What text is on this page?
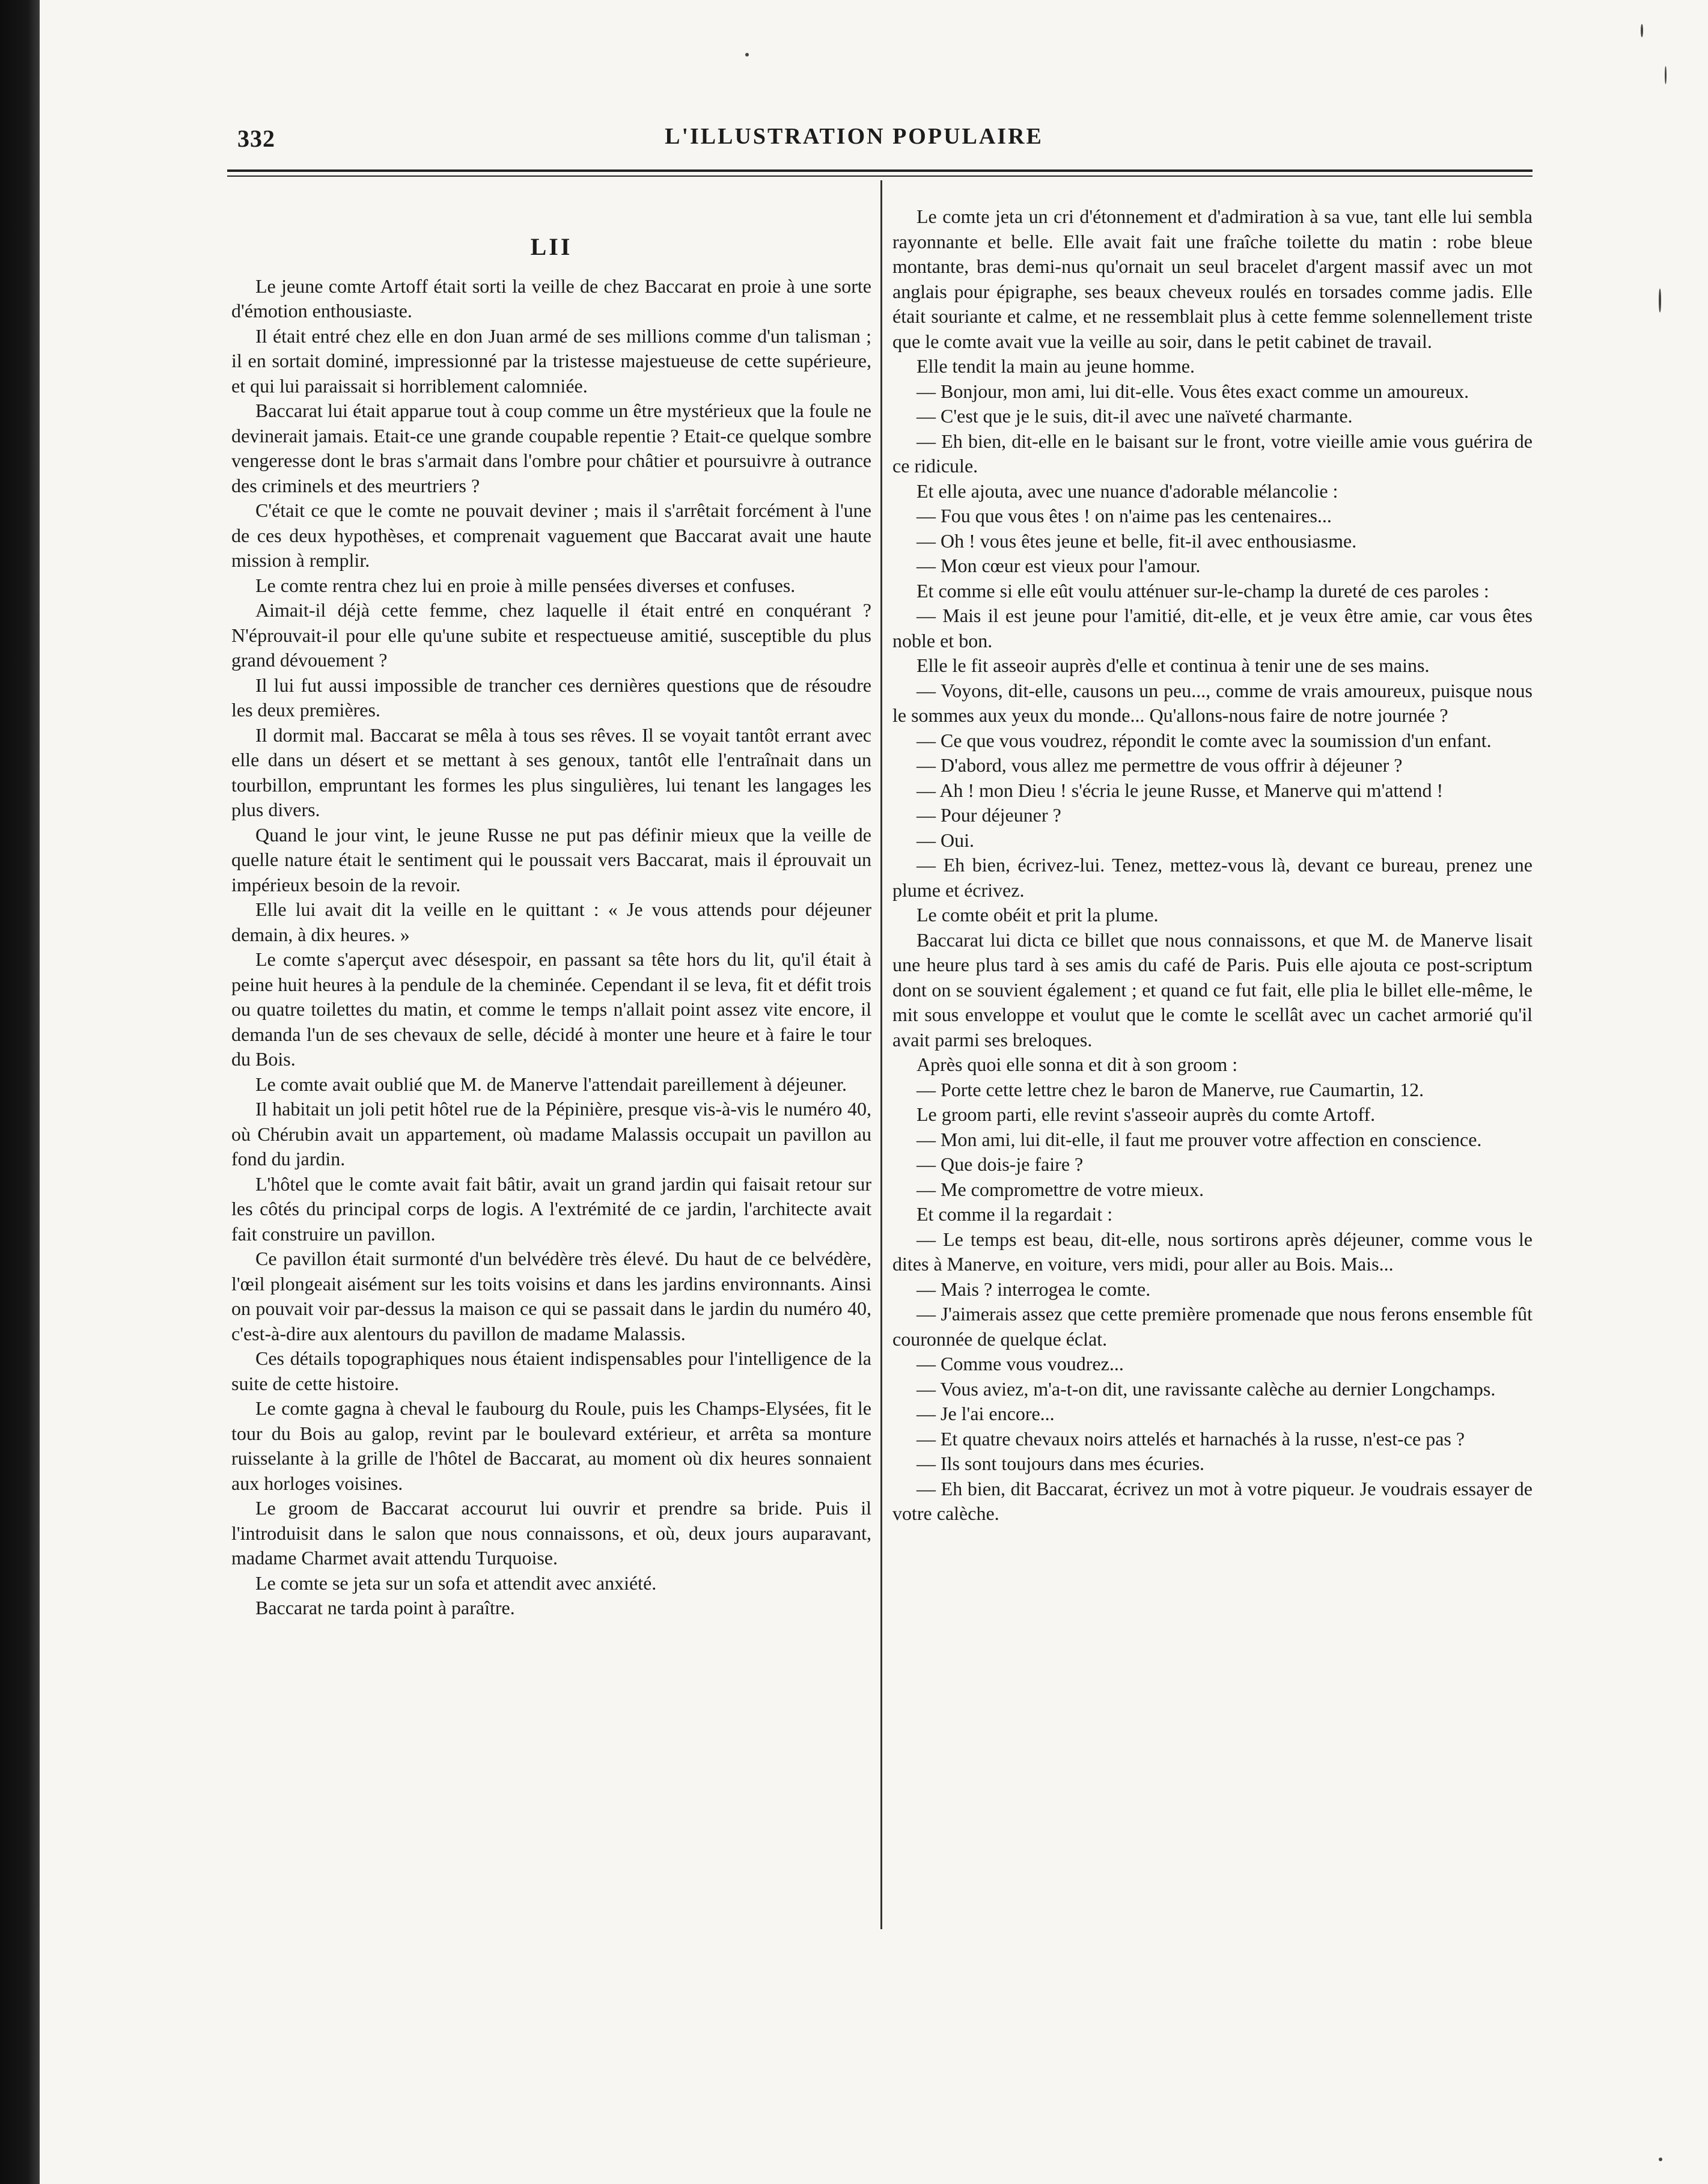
332	L'ILLUSTRATION POPULAIRE
LII

Le jeune comte Artoff était sorti la veille de chez Baccarat en proie à une sorte d'émotion enthousiaste.

Il était entré chez elle en don Juan armé de ses millions comme d'un talisman ; il en sortait dominé, impressionné par la tristesse majestueuse de cette supérieure, et qui lui paraissait si horriblement calomniée.

Baccarat lui était apparue tout à coup comme un être mystérieux que la foule ne devinerait jamais. Etait-ce une grande coupable repentie ? Etait-ce quelque sombre vengeresse dont le bras s'armait dans l'ombre pour châtier et poursuivre à outrance des criminels et des meurtriers ?

C'était ce que le comte ne pouvait deviner ; mais il s'arrêtait forcément à l'une de ces deux hypothèses, et comprenait vaguement que Baccarat avait une haute mission à remplir.

Le comte rentra chez lui en proie à mille pensées diverses et confuses.

Aimait-il déjà cette femme, chez laquelle il était entré en conquérant ? N'éprouvait-il pour elle qu'une subite et respectueuse amitié, susceptible du plus grand dévouement ?

Il lui fut aussi impossible de trancher ces dernières questions que de résoudre les deux premières.

Il dormit mal. Baccarat se mêla à tous ses rêves. Il se voyait tantôt errant avec elle dans un désert et se mettant à ses genoux, tantôt elle l'entraînait dans un tourbillon, empruntant les formes les plus singulières, lui tenant les langages les plus divers.

Quand le jour vint, le jeune Russe ne put pas définir mieux que la veille de quelle nature était le sentiment qui le poussait vers Baccarat, mais il éprouvait un impérieux besoin de la revoir.

Elle lui avait dit la veille en le quittant : « Je vous attends pour déjeuner demain, à dix heures. »

Le comte s'aperçut avec désespoir, en passant sa tête hors du lit, qu'il était à peine huit heures à la pendule de la cheminée. Cependant il se leva, fit et défit trois ou quatre toilettes du matin, et comme le temps n'allait point assez vite encore, il demanda l'un de ses chevaux de selle, décidé à monter une heure et à faire le tour du Bois.

Le comte avait oublié que M. de Manerve l'attendait pareillement à déjeuner.

Il habitait un joli petit hôtel rue de la Pépinière, presque vis-à-vis le numéro 40, où Chérubin avait un appartement, où madame Malassis occupait un pavillon au fond du jardin.

L'hôtel que le comte avait fait bâtir, avait un grand jardin qui faisait retour sur les côtés du principal corps de logis. A l'extrémité de ce jardin, l'architecte avait fait construire un pavillon.

Ce pavillon était surmonté d'un belvédère très élevé. Du haut de ce belvédère, l'œil plongeait aisément sur les toits voisins et dans les jardins environnants. Ainsi on pouvait voir par-dessus la maison ce qui se passait dans le jardin du numéro 40, c'est-à-dire aux alentours du pavillon de madame Malassis.

Ces détails topographiques nous étaient indispensables pour l'intelligence de la suite de cette histoire.

Le comte gagna à cheval le faubourg du Roule, puis les Champs-Elysées, fit le tour du Bois au galop, revint par le boulevard extérieur, et arrêta sa monture ruisselante à la grille de l'hôtel de Baccarat, au moment où dix heures sonnaient aux horloges voisines.

Le groom de Baccarat accourut lui ouvrir et prendre sa bride. Puis il l'introduisit dans le salon que nous connaissons, et où, deux jours auparavant, madame Charmet avait attendu Turquoise.

Le comte se jeta sur un sofa et attendit avec anxiété.

Baccarat ne tarda point à paraître.

Le comte jeta un cri d'étonnement et d'admiration à sa vue, tant elle lui sembla rayonnante et belle. Elle avait fait une fraîche toilette du matin : robe bleue montante, bras demi-nus qu'ornait un seul bracelet d'argent massif avec un mot anglais pour épigraphe, ses beaux cheveux roulés en torsades comme jadis. Elle était souriante et calme, et ne ressemblait plus à cette femme solennellement triste que le comte avait vue la veille au soir, dans le petit cabinet de travail.

Elle tendit la main au jeune homme.

— Bonjour, mon ami, lui dit-elle. Vous êtes exact comme un amoureux.

— C'est que je le suis, dit-il avec une naïveté charmante.

— Eh bien, dit-elle en le baisant sur le front, votre vieille amie vous guérira de ce ridicule.

Et elle ajouta, avec une nuance d'adorable mélancolie :

— Fou que vous êtes ! on n'aime pas les centenaires...

— Oh ! vous êtes jeune et belle, fit-il avec enthousiasme.

— Mon cœur est vieux pour l'amour.

Et comme si elle eût voulu atténuer sur-le-champ la dureté de ces paroles :

— Mais il est jeune pour l'amitié, dit-elle, et je veux être amie, car vous êtes noble et bon.

Elle le fit asseoir auprès d'elle et continua à tenir une de ses mains.

— Voyons, dit-elle, causons un peu..., comme de vrais amoureux, puisque nous le sommes aux yeux du monde... Qu'allons-nous faire de notre journée ?

— Ce que vous voudrez, répondit le comte avec la soumission d'un enfant.

— D'abord, vous allez me permettre de vous offrir à déjeuner ?

— Ah ! mon Dieu ! s'écria le jeune Russe, et Manerve qui m'attend !

— Pour déjeuner ?

— Oui.

— Eh bien, écrivez-lui. Tenez, mettez-vous là, devant ce bureau, prenez une plume et écrivez.

Le comte obéit et prit la plume.

Baccarat lui dicta ce billet que nous connaissons, et que M. de Manerve lisait une heure plus tard à ses amis du café de Paris. Puis elle ajouta ce post-scriptum dont on se souvient également ; et quand ce fut fait, elle plia le billet elle-même, le mit sous enveloppe et voulut que le comte le scellât avec un cachet armorié qu'il avait parmi ses breloques.

Après quoi elle sonna et dit à son groom :

— Porte cette lettre chez le baron de Manerve, rue Caumartin, 12.

Le groom parti, elle revint s'asseoir auprès du comte Artoff.

— Mon ami, lui dit-elle, il faut me prouver votre affection en conscience.

— Que dois-je faire ?

— Me compromettre de votre mieux.

Et comme il la regardait :

— Le temps est beau, dit-elle, nous sortirons après déjeuner, comme vous le dites à Manerve, en voiture, vers midi, pour aller au Bois. Mais...

— Mais ? interrogea le comte.

— J'aimerais assez que cette première promenade que nous ferons ensemble fût couronnée de quelque éclat.

— Comme vous voudrez...

— Vous aviez, m'a-t-on dit, une ravissante calèche au dernier Longchamps.

— Je l'ai encore...

— Et quatre chevaux noirs attelés et harnachés à la russe, n'est-ce pas ?

— Ils sont toujours dans mes écuries.

— Eh bien, dit Baccarat, écrivez un mot à votre piqueur. Je voudrais essayer de votre calèche.
